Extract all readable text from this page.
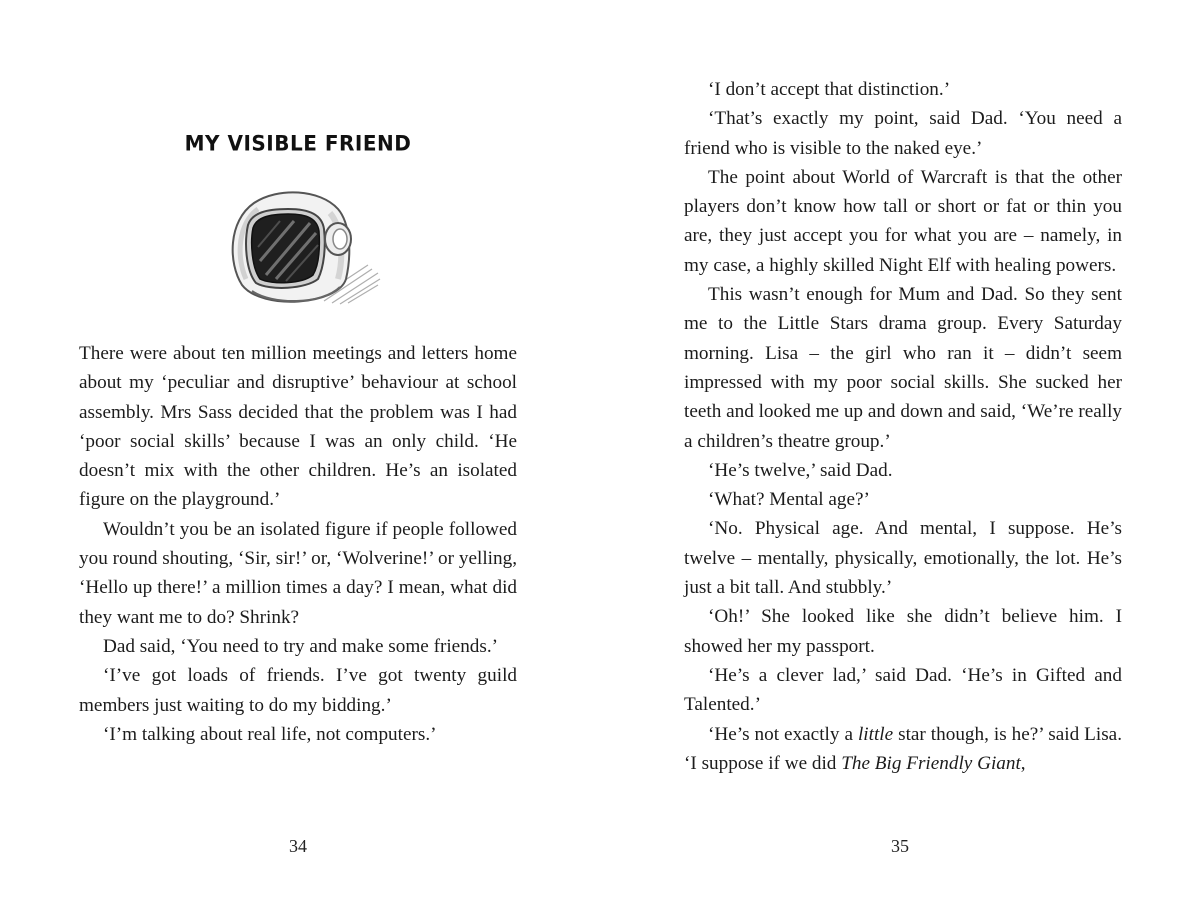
MY VISIBLE FRIEND

There were about ten million meetings and letters home about my ‘peculiar and disruptive’ behaviour at school assembly. Mrs Sass decided that the problem was I had ‘poor social skills’ because I was an only child. ‘He doesn’t mix with the other children. He’s an isolated figure on the playground.’

Wouldn’t you be an isolated figure if people followed you round shouting, ‘Sir, sir!’ or, ‘Wolverine!’ or yelling, ‘Hello up there!’ a million times a day? I mean, what did they want me to do? Shrink?

Dad said, ‘You need to try and make some friends.’

‘I’ve got loads of friends. I’ve got twenty guild members just waiting to do my bidding.’

‘I’m talking about real life, not computers.’

34

‘I don’t accept that distinction.’

‘That’s exactly my point, said Dad. ‘You need a friend who is visible to the naked eye.’

The point about World of Warcraft is that the other players don’t know how tall or short or fat or thin you are, they just accept you for what you are – namely, in my case, a highly skilled Night Elf with healing powers.

This wasn’t enough for Mum and Dad. So they sent me to the Little Stars drama group. Every Saturday morning. Lisa – the girl who ran it – didn’t seem impressed with my poor social skills. She sucked her teeth and looked me up and down and said, ‘We’re really a children’s theatre group.’

‘He’s twelve,’ said Dad.

‘What? Mental age?’

‘No. Physical age. And mental, I suppose. He’s twelve – mentally, physically, emotionally, the lot. He’s just a bit tall. And stubbly.’

‘Oh!’ She looked like she didn’t believe him. I showed her my passport.

‘He’s a clever lad,’ said Dad. ‘He’s in Gifted and Talented.’

‘He’s not exactly a little star though, is he?’ said Lisa. ‘I suppose if we did The Big Friendly Giant,

35
